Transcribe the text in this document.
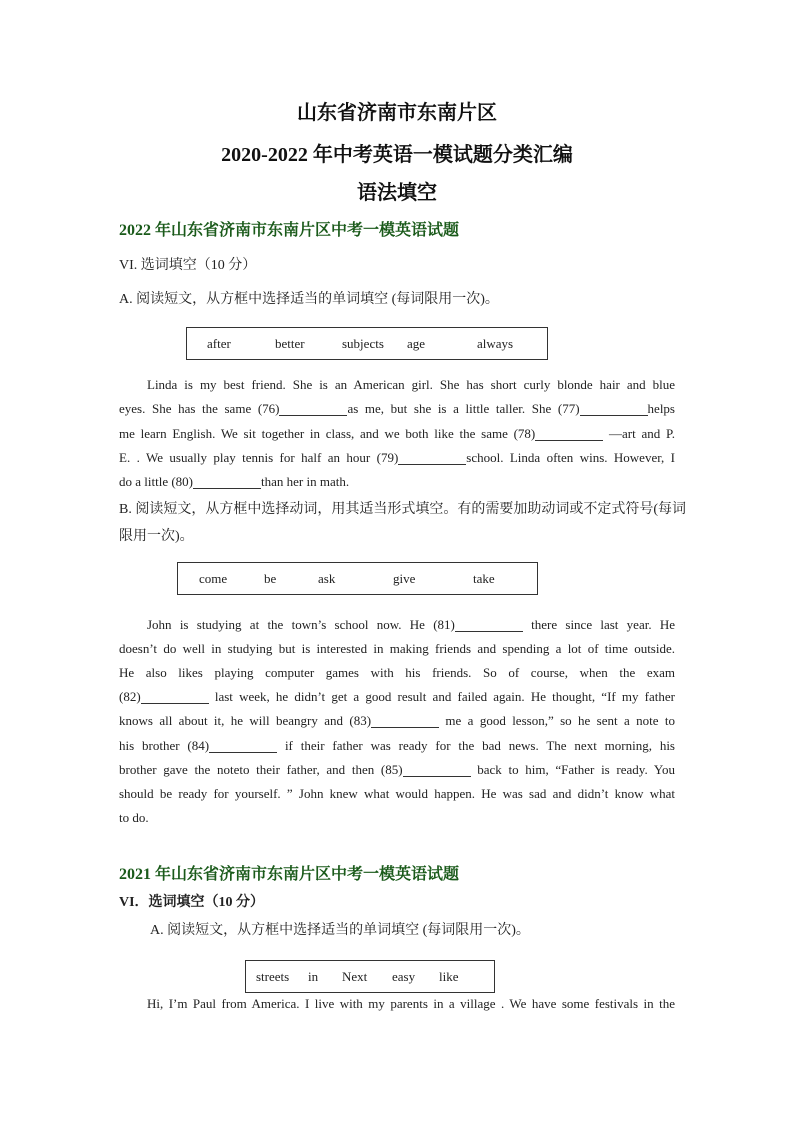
山东省济南市东南片区
2020-2022 年中考英语一模试题分类汇编
语法填空
2022 年山东省济南市东南片区中考一模英语试题
VI. 选词填空（10 分）
A. 阅读短文，从方框中选择适当的单词填空 (每词限用一次)。
after	better	subjects age	always
Linda is my best friend. She is an American girl. She has short curly blonde hair and blue
eyes. She has the same (76)	as me, but she is a little taller. She (77)	helps
me learn English. We sit together in class, and we both like the same (78)	—art and P.
E. . We usually play tennis for half an hour (79)	school. Linda often wins. However, I
do a little (80)	than her in math.
B. 阅读短文，从方框中选择动词，用其适当形式填空。有的需要加助动词或不定式符号(每词
限用一次)。
come	be	ask	give	take
John is studying at the town’s school now. He (81)	there since last year. He
doesn’t do well in studying but is interested in making friends and spending a lot of time outside.
He also likes playing computer games with his friends. So of course, when the exam
(82)	last week, he didn’t get a good result and failed again. He thought, “If my father
knows all about it, he will beangry and (83)	me a good lesson,” so he sent a note to
his brother (84)	if their father was ready for the bad news. The next morning, his
brother gave the noteto their father, and then (85)	back to him, “Father is ready. You
should be ready for yourself. ” John knew what would happen. He was sad and didn’t know what
to do.
2021 年山东省济南市东南片区中考一模英语试题
VI．选词填空（10 分）
A. 阅读短文，从方框中选择适当的单词填空 (每词限用一次)。
streets in Next easy like
Hi, I’m Paul from America. I live with my parents in a village . We have some festivals in the
